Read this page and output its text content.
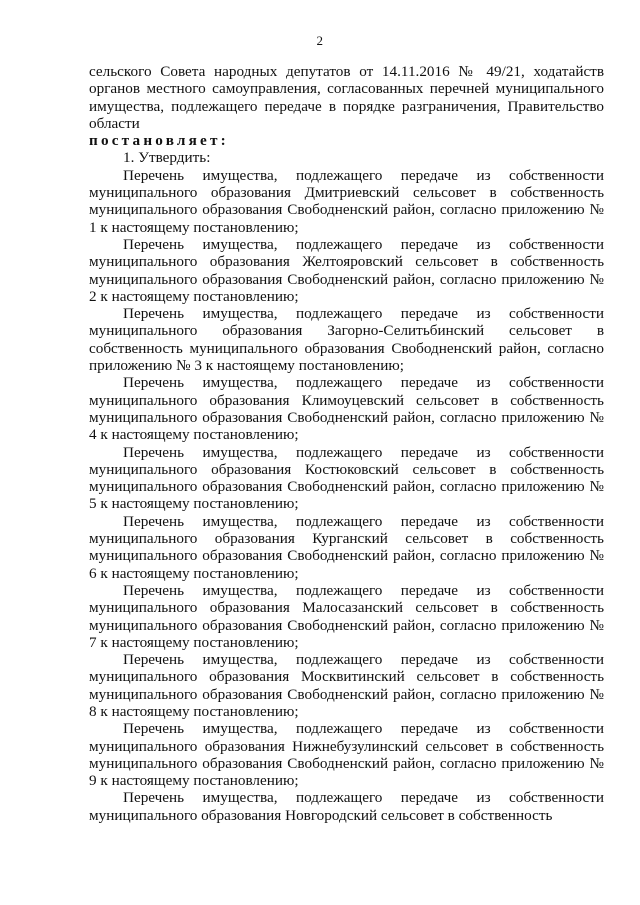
2

сельского Совета народных депутатов от 14.11.2016 № 49/21, ходатайств органов местного самоуправления, согласованных перечней муниципального имущества, подлежащего передаче в порядке разграничения, Правительство области

постановляет:

1. Утвердить:

Перечень имущества, подлежащего передаче из собственности муниципального образования Дмитриевский сельсовет в собственность муниципального образования Свободненский район, согласно приложению № 1 к настоящему постановлению;

Перечень имущества, подлежащего передаче из собственности муниципального образования Желтояровский сельсовет в собственность муниципального образования Свободненский район, согласно приложению № 2 к настоящему постановлению;

Перечень имущества, подлежащего передаче из собственности муниципального образования Загорно-Селитьбинский сельсовет в собственность муниципального образования Свободненский район, согласно приложению № 3 к настоящему постановлению;

Перечень имущества, подлежащего передаче из собственности муниципального образования Климоуцевский сельсовет в собственность муниципального образования Свободненский район, согласно приложению № 4 к настоящему постановлению;

Перечень имущества, подлежащего передаче из собственности муниципального образования Костюковский сельсовет в собственность муниципального образования Свободненский район, согласно приложению № 5 к настоящему постановлению;

Перечень имущества, подлежащего передаче из собственности муниципального образования Курганский сельсовет в собственность муниципального образования Свободненский район, согласно приложению № 6 к настоящему постановлению;

Перечень имущества, подлежащего передаче из собственности муниципального образования Малосазанский сельсовет в собственность муниципального образования Свободненский район, согласно приложению № 7 к настоящему постановлению;

Перечень имущества, подлежащего передаче из собственности муниципального образования Москвитинский сельсовет в собственность муниципального образования Свободненский район, согласно приложению № 8 к настоящему постановлению;

Перечень имущества, подлежащего передаче из собственности муниципального образования Нижнебузулинский сельсовет в собственность муниципального образования Свободненский район, согласно приложению № 9 к настоящему постановлению;

Перечень имущества, подлежащего передаче из собственности муниципального образования Новгородский сельсовет в собственность
